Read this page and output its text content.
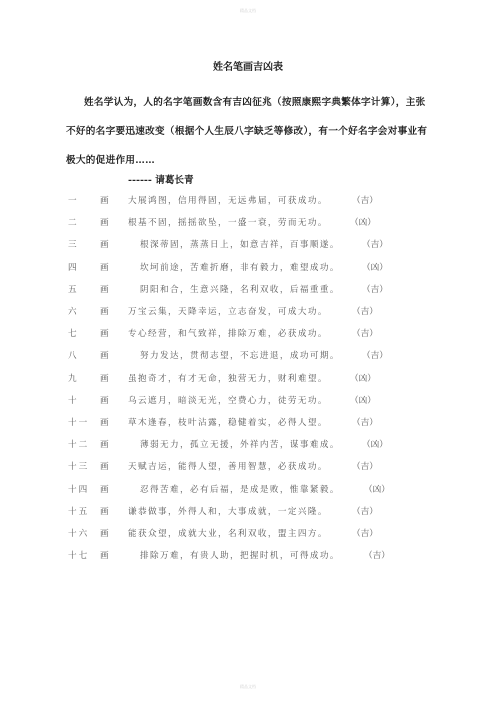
精品文档
姓名笔画吉凶表
姓名学认为，人的名字笔画数含有吉凶征兆（按照康熙字典繁体字计算），主张不好的名字要迅速改变（根据个人生辰八字缺乏等修改），有一个好名字会对事业有极大的促进作用……
------ 请葛长青
一 画 大展鸿图，信用得固，无远弗届，可获成功。	（吉）
二 画 根基不固，摇摇欲坠，一盛一衰，劳而无功。	（凶）
三 画	根深蒂固，蒸蒸日上，如意吉祥，百事顺遂。	（吉）
四 画	坎坷前途，苦难折磨，非有毅力，难望成功。	（凶）
五 画	阴阳和合，生意兴隆，名利双收，后福重重。	（吉）
六 画 万宝云集，天降幸运，立志奋发，可成大功。	（吉）
七 画 专心经营，和气致祥，排除万难，必获成功。	（吉）
八 画	努力发达，贯彻志望，不忘进退，成功可期。	（吉）
九 画 虽抱奇才，有才无命，独营无力，财利难望。	（凶）
十 画 乌云遮月，暗淡无光，空费心力，徒劳无功。	（凶）
十一 画 草木逢春，枝叶沾露，稳健着实，必得人望。	（吉）
十二 画	薄弱无力，孤立无援，外祥内苦，谋事难成。	（凶）
十三 画 天赋吉运，能得人望，善用智慧，必获成功。	（吉）
十四 画	忍得苦难，必有后福，是成是败，惟靠紧毅。	（凶）
十五 画 谦恭做事，外得人和，大事成就，一定兴隆。	（吉）
十六 画 能获众望，成就大业，名利双收，盟主四方。	（吉）
十七 画	排除万难，有贵人助，把握时机，可得成功。	（吉）
精品文档
